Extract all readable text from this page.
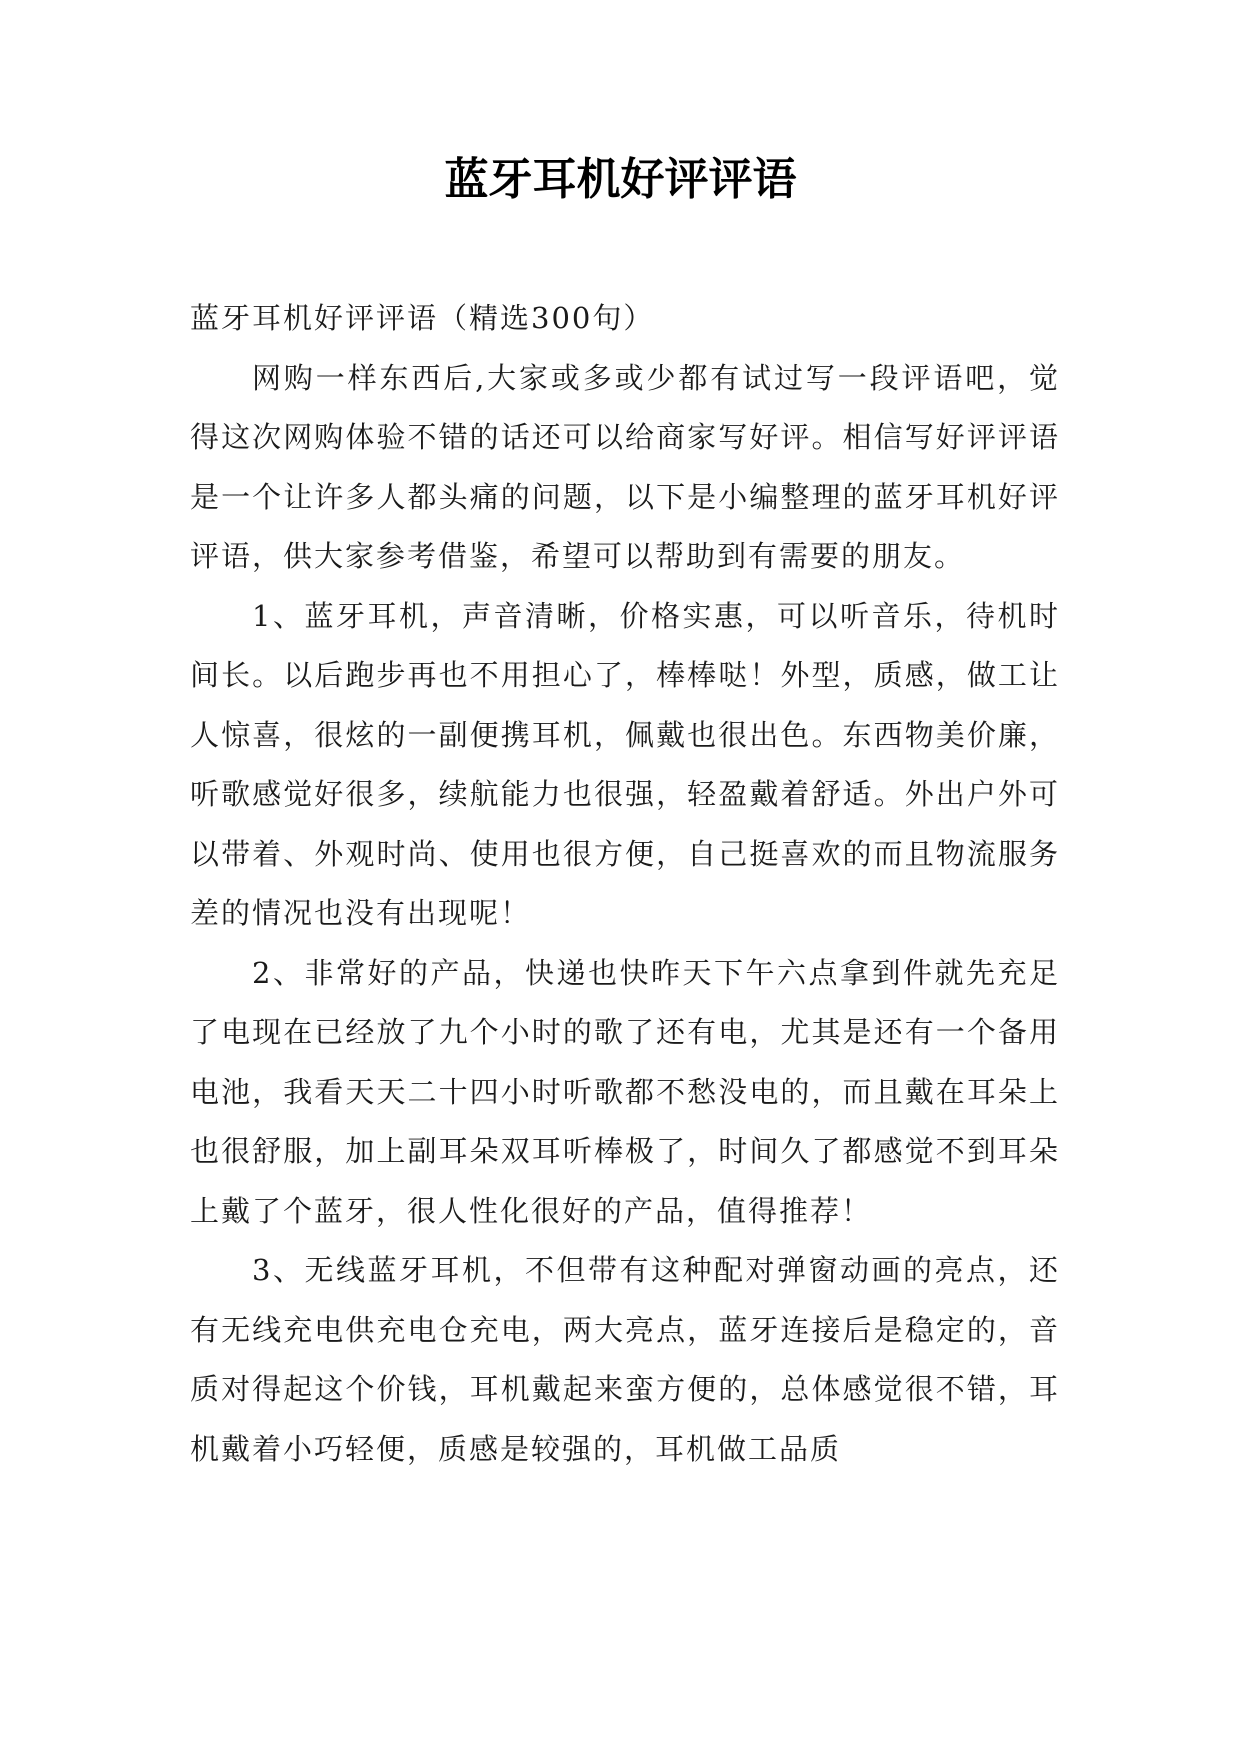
蓝牙耳机好评评语

蓝牙耳机好评评语（精选300句）

网购一样东西后,大家或多或少都有试过写一段评语吧，觉得这次网购体验不错的话还可以给商家写好评。相信写好评评语是一个让许多人都头痛的问题，以下是小编整理的蓝牙耳机好评评语，供大家参考借鉴，希望可以帮助到有需要的朋友。

1、蓝牙耳机，声音清晰，价格实惠，可以听音乐，待机时间长。以后跑步再也不用担心了，棒棒哒！外型，质感，做工让人惊喜，很炫的一副便携耳机，佩戴也很出色。东西物美价廉，听歌感觉好很多，续航能力也很强，轻盈戴着舒适。外出户外可以带着、外观时尚、使用也很方便，自己挺喜欢的而且物流服务差的情况也没有出现呢！

2、非常好的产品，快递也快昨天下午六点拿到件就先充足了电现在已经放了九个小时的歌了还有电，尤其是还有一个备用电池，我看天天二十四小时听歌都不愁没电的，而且戴在耳朵上也很舒服，加上副耳朵双耳听棒极了，时间久了都感觉不到耳朵上戴了个蓝牙，很人性化很好的产品，值得推荐！

3、无线蓝牙耳机，不但带有这种配对弹窗动画的亮点，还有无线充电供充电仓充电，两大亮点，蓝牙连接后是稳定的，音质对得起这个价钱，耳机戴起来蛮方便的，总体感觉很不错，耳机戴着小巧轻便，质感是较强的，耳机做工品质
